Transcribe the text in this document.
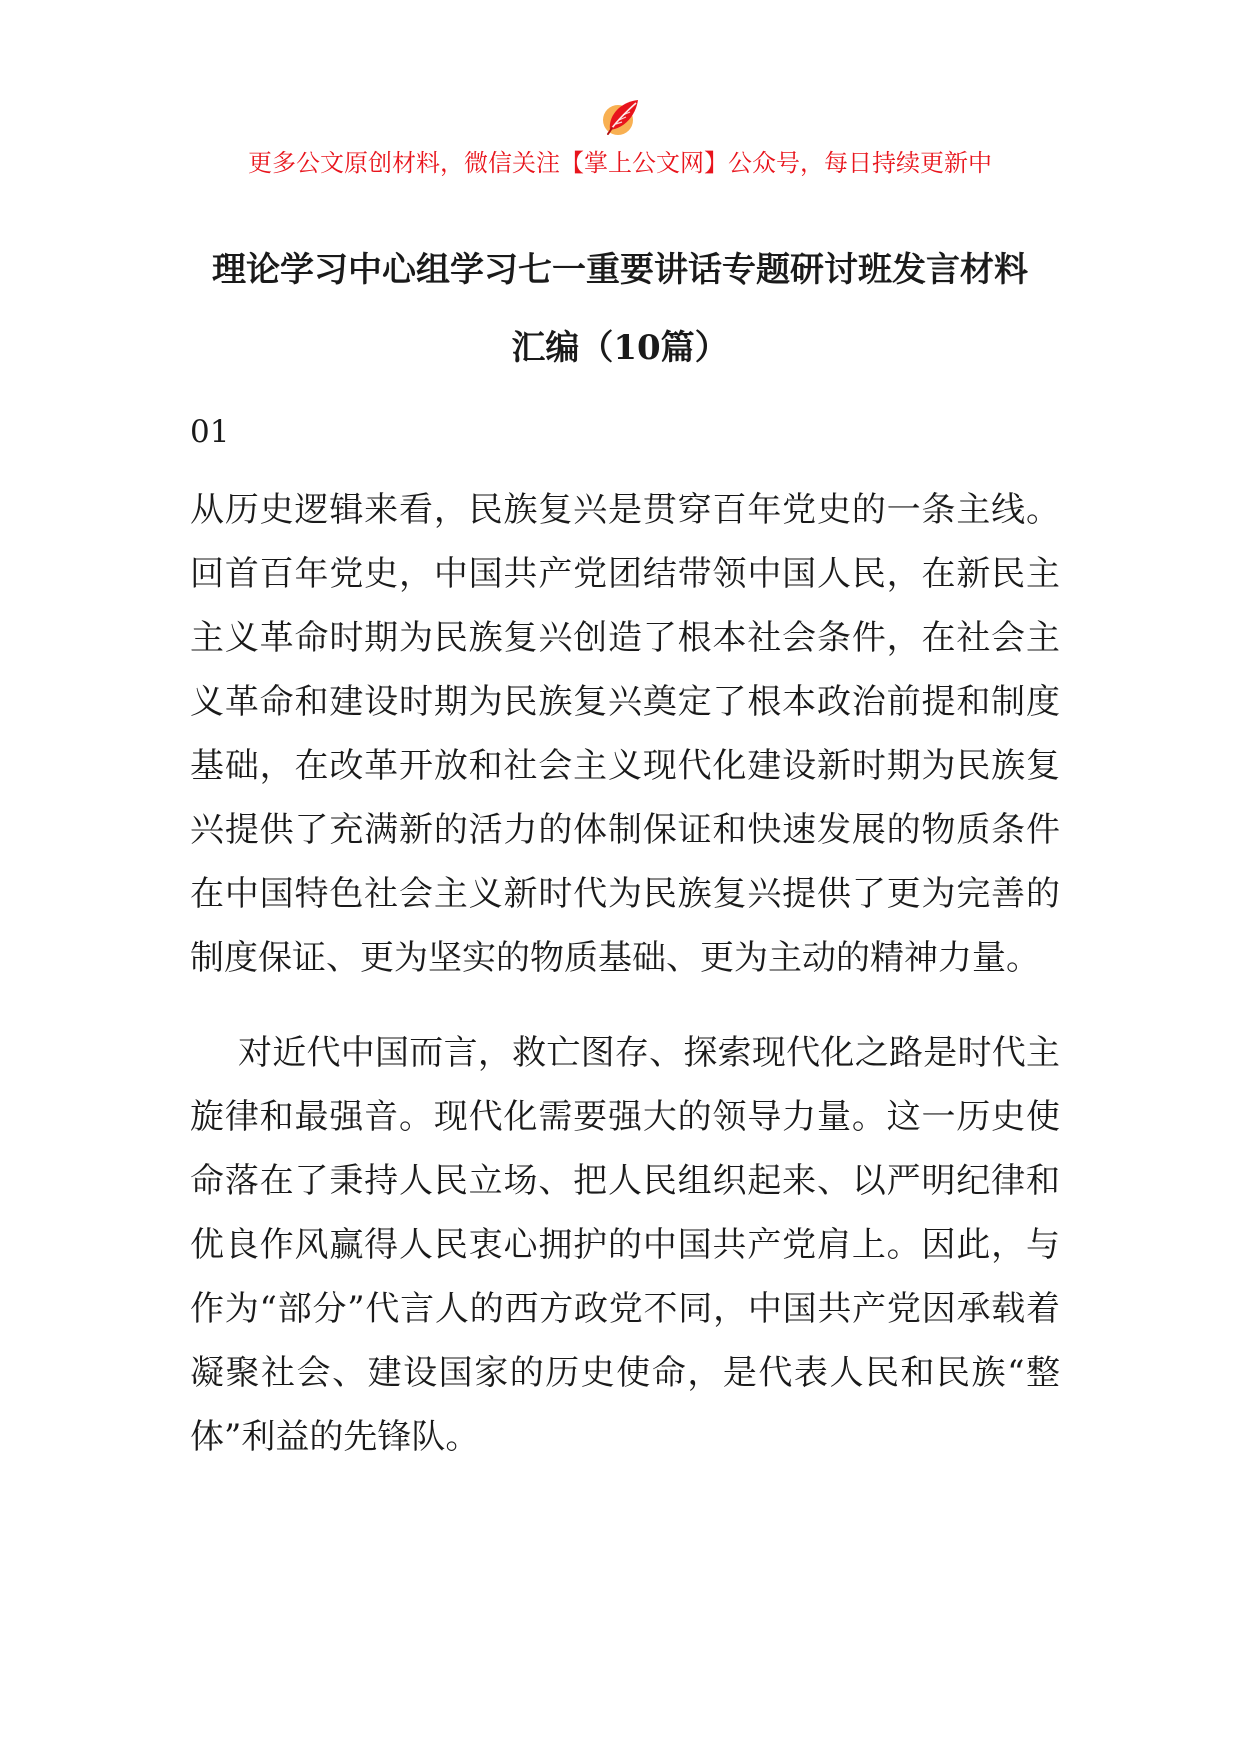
更多公文原创材料，微信关注【掌上公文网】公众号，每日持续更新中
理论学习中心组学习七一重要讲话专题研讨班发言材料
汇编（10篇）
01

从历史逻辑来看，民族复兴是贯穿百年党史的一条主线。回首百年党史，中国共产党团结带领中国人民，在新民主主义革命时期为民族复兴创造了根本社会条件，在社会主义革命和建设时期为民族复兴奠定了根本政治前提和制度基础，在改革开放和社会主义现代化建设新时期为民族复兴提供了充满新的活力的体制保证和快速发展的物质条件在中国特色社会主义新时代为民族复兴提供了更为完善的制度保证、更为坚实的物质基础、更为主动的精神力量。

对近代中国而言，救亡图存、探索现代化之路是时代主旋律和最强音。现代化需要强大的领导力量。这一历史使命落在了秉持人民立场、把人民组织起来、以严明纪律和优良作风赢得人民衷心拥护的中国共产党肩上。因此，与作为“部分”代言人的西方政党不同，中国共产党因承载着凝聚社会、建设国家的历史使命，是代表人民和民族“整体”利益的先锋队。
